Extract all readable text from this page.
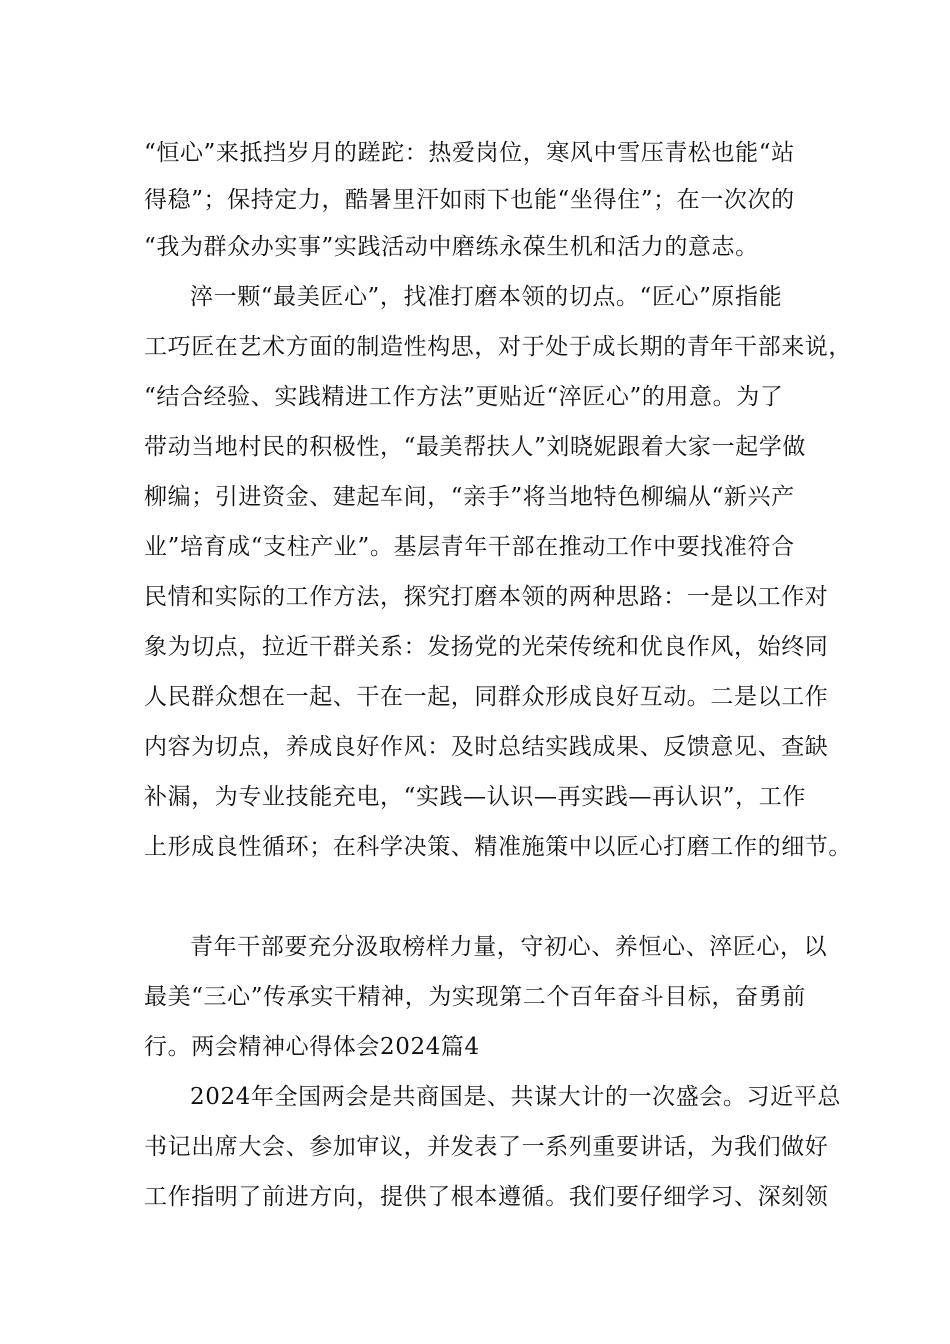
“恒心”来抵挡岁月的蹉跎：热爱岗位，寒风中雪压青松也能“站
得稳”；保持定力，酷暑里汗如雨下也能“坐得住”；在一次次的
“我为群众办实事”实践活动中磨练永葆生机和活力的意志。
淬一颗“最美匠心”，找准打磨本领的切点。“匠心”原指能
工巧匠在艺术方面的制造性构思，对于处于成长期的青年干部来说，
“结合经验、实践精进工作方法”更贴近“淬匠心”的用意。为了
带动当地村民的积极性，“最美帮扶人”刘晓妮跟着大家一起学做
柳编；引进资金、建起车间，“亲手”将当地特色柳编从“新兴产
业”培育成“支柱产业”。基层青年干部在推动工作中要找准符合
民情和实际的工作方法，探究打磨本领的两种思路：一是以工作对
象为切点，拉近干群关系：发扬党的光荣传统和优良作风，始终同
人民群众想在一起、干在一起，同群众形成良好互动。二是以工作
内容为切点，养成良好作风：及时总结实践成果、反馈意见、查缺
补漏，为专业技能充电，“实践—认识—再实践—再认识”，工作
上形成良性循环；在科学决策、精准施策中以匠心打磨工作的细节。
青年干部要充分汲取榜样力量，守初心、养恒心、淬匠心，以
最美“三心”传承实干精神，为实现第二个百年奋斗目标，奋勇前
行。两会精神心得体会2024篇4
2024年全国两会是共商国是、共谋大计的一次盛会。习近平总
书记出席大会、参加审议，并发表了一系列重要讲话，为我们做好
工作指明了前进方向，提供了根本遵循。我们要仔细学习、深刻领
